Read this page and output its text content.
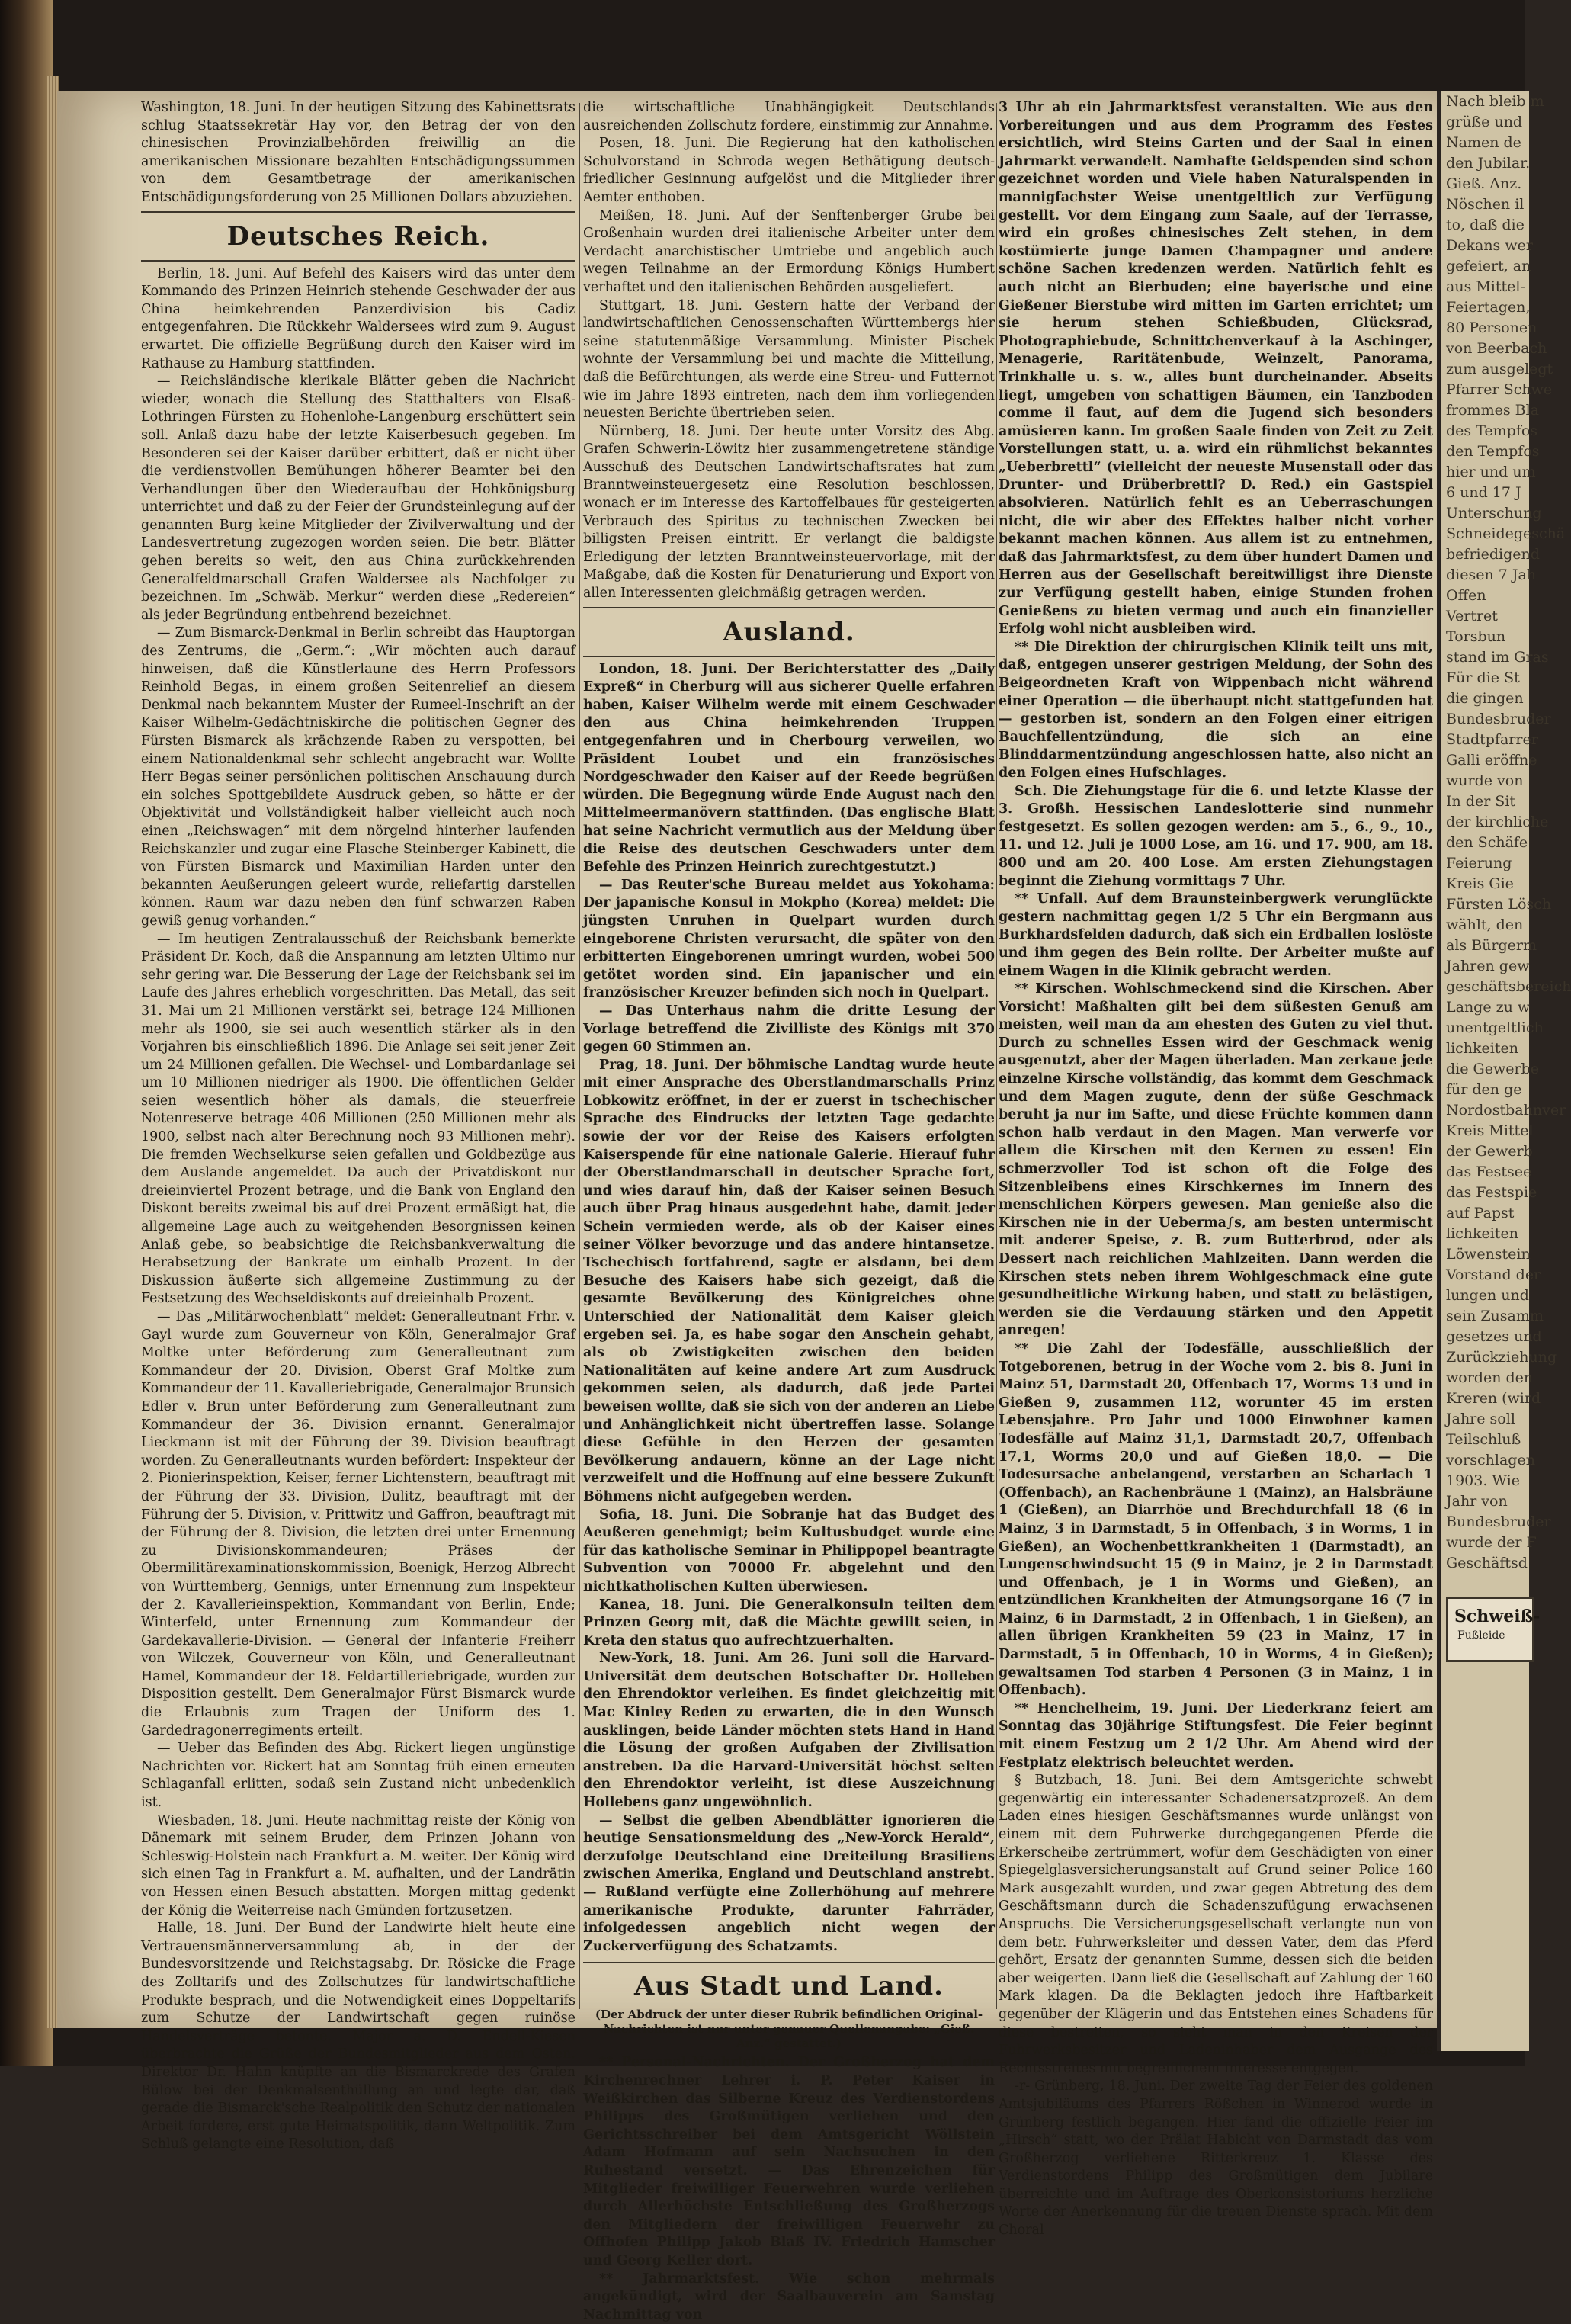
Washington, 18. Juni. In der heutigen Sitzung des Kabinettsrats schlug Staatssekretär Hay vor, den Betrag der von den chinesischen Provinzialbehörden freiwillig an die amerikanischen Missionare bezahlten Entschädigungssummen von dem Gesamtbetrage der amerikanischen Entschädigungsforderung von 25 Millionen Dollars abzuziehen.

Deutsches Reich.

Berlin, 18. Juni. Auf Befehl des Kaisers wird das unter dem Kommando des Prinzen Heinrich stehende Geschwader der aus China heimkehrenden Panzerdivision bis Cadiz entgegenfahren. Die Rückkehr Waldersees wird zum 9. August erwartet. Die offizielle Begrüßung durch den Kaiser wird im Rathause zu Hamburg stattfinden.

— Reichsländische klerikale Blätter geben die Nachricht wieder, wonach die Stellung des Statthalters von Elsaß-Lothringen Fürsten zu Hohenlohe-Langenburg erschüttert sein soll. Anlaß dazu habe der letzte Kaiserbesuch gegeben. Im Besonderen sei der Kaiser darüber erbittert, daß er nicht über die verdienstvollen Bemühungen höherer Beamter bei den Verhandlungen über den Wiederaufbau der Hohkönigsburg unterrichtet und daß zu der Feier der Grundsteinlegung auf der genannten Burg keine Mitglieder der Zivilverwaltung und der Landesvertretung zugezogen worden seien. Die betr. Blätter gehen bereits so weit, den aus China zurückkehrenden Generalfeldmarschall Grafen Waldersee als Nachfolger zu bezeichnen. Im „Schwäb. Merkur“ werden diese „Redereien“ als jeder Begründung entbehrend bezeichnet.

— Zum Bismarck-Denkmal in Berlin schreibt das Hauptorgan des Zentrums, die „Germ.“: „Wir möchten auch darauf hinweisen, daß die Künstlerlaune des Herrn Professors Reinhold Begas, in einem großen Seitenrelief an diesem Denkmal nach bekanntem Muster der Rumeel-Inschrift an der Kaiser Wilhelm-Gedächtniskirche die politischen Gegner des Fürsten Bismarck als krächzende Raben zu verspotten, bei einem Nationaldenkmal sehr schlecht angebracht war. Wollte Herr Begas seiner persönlichen politischen Anschauung durch ein solches Spottgebildete Ausdruck geben, so hätte er der Objektivität und Vollständigkeit halber vielleicht auch noch einen „Reichswagen“ mit dem nörgelnd hinterher laufenden Reichskanzler und zugar eine Flasche Steinberger Kabinett, die von Fürsten Bismarck und Maximilian Harden unter den bekannten Aeußerungen geleert wurde, reliefartig darstellen können. Raum war dazu neben den fünf schwarzen Raben gewiß genug vorhanden.“

— Im heutigen Zentralausschuß der Reichsbank bemerkte Präsident Dr. Koch, daß die Anspannung am letzten Ultimo nur sehr gering war. Die Besserung der Lage der Reichsbank sei im Laufe des Jahres erheblich vorgeschritten. Das Metall, das seit 31. Mai um 21 Millionen verstärkt sei, betrage 124 Millionen mehr als 1900, sie sei auch wesentlich stärker als in den Vorjahren bis einschließlich 1896. Die Anlage sei seit jener Zeit um 24 Millionen gefallen. Die Wechsel- und Lombardanlage sei um 10 Millionen niedriger als 1900. Die öffentlichen Gelder seien wesentlich höher als damals, die steuerfreie Notenreserve betrage 406 Millionen (250 Millionen mehr als 1900, selbst nach alter Berechnung noch 93 Millionen mehr). Die fremden Wechselkurse seien gefallen und Goldbezüge aus dem Auslande angemeldet. Da auch der Privatdiskont nur dreieinviertel Prozent betrage, und die Bank von England den Diskont bereits zweimal bis auf drei Prozent ermäßigt hat, die allgemeine Lage auch zu weitgehenden Besorgnissen keinen Anlaß gebe, so beabsichtige die Reichsbankverwaltung die Herabsetzung der Bankrate um einhalb Prozent. In der Diskussion äußerte sich allgemeine Zustimmung zu der Festsetzung des Wechseldiskonts auf dreieinhalb Prozent.

— Das „Militärwochenblatt“ meldet: Generalleutnant Frhr. v. Gayl wurde zum Gouverneur von Köln, Generalmajor Graf Moltke unter Beförderung zum Generalleutnant zum Kommandeur der 20. Division, Oberst Graf Moltke zum Kommandeur der 11. Kavalleriebrigade, Generalmajor Brunsich Edler v. Brun unter Beförderung zum Generalleutnant zum Kommandeur der 36. Division ernannt. Generalmajor Lieckmann ist mit der Führung der 39. Division beauftragt worden. Zu Generalleutnants wurden befördert: Inspekteur der 2. Pionierinspektion, Keiser, ferner Lichtenstern, beauftragt mit der Führung der 33. Division, Dulitz, beauftragt mit der Führung der 5. Division, v. Prittwitz und Gaffron, beauftragt mit der Führung der 8. Division, die letzten drei unter Ernennung zu Divisionskommandeuren; Präses der Obermilitärexaminationskommission, Boenigk, Herzog Albrecht von Württemberg, Gennigs, unter Ernennung zum Inspekteur der 2. Kavallerieinspektion, Kommandant von Berlin, Ende; Winterfeld, unter Ernennung zum Kommandeur der Gardekavallerie-Division. — General der Infanterie Freiherr von Wilczek, Gouverneur von Köln, und Generalleutnant Hamel, Kommandeur der 18. Feldartilleriebrigade, wurden zur Disposition gestellt. Dem Generalmajor Fürst Bismarck wurde die Erlaubnis zum Tragen der Uniform des 1. Gardedragonerregiments erteilt.

— Ueber das Befinden des Abg. Rickert liegen ungünstige Nachrichten vor. Rickert hat am Sonntag früh einen erneuten Schlaganfall erlitten, sodaß sein Zustand nicht unbedenklich ist.

Wiesbaden, 18. Juni. Heute nachmittag reiste der König von Dänemark mit seinem Bruder, dem Prinzen Johann von Schleswig-Holstein nach Frankfurt a. M. weiter. Der König wird sich einen Tag in Frankfurt a. M. aufhalten, und der Landrätin von Hessen einen Besuch abstatten. Morgen mittag gedenkt der König die Weiterreise nach Gmünden fortzusetzen.

Halle, 18. Juni. Der Bund der Landwirte hielt heute eine Vertrauensmännerversammlung ab, in der der Bundesvorsitzende und Reichstagsabg. Dr. Rösicke die Frage des Zolltarifs und des Zollschutzes für landwirtschaftliche Produkte besprach, und die Notwendigkeit eines Doppeltarifs zum Schutze der Landwirtschaft gegen ruinöse Handelsverträge betonte. Major a. D. Endell-Kiesen überbrachte die Grüße der Bundesmitglieder aus dem Osten. Direktor Dr. Hahn knüpfte an die Bismarckrede des Grafen Bülow bei der Denkmalsenthüllung an und legte dar, daß gerade die Bismarck'sche Realpolitik den Schutz der nationalen Arbeit fordere, erst gute Heimatspolitik, dann Weltpolitik. Zum Schluß gelangte eine Resolution, daß

die wirtschaftliche Unabhängigkeit Deutschlands ausreichenden Zollschutz fordere, einstimmig zur Annahme.

Posen, 18. Juni. Die Regierung hat den katholischen Schulvorstand in Schroda wegen Bethätigung deutsch-friedlicher Gesinnung aufgelöst und die Mitglieder ihrer Aemter enthoben.

Meißen, 18. Juni. Auf der Senftenberger Grube bei Großenhain wurden drei italienische Arbeiter unter dem Verdacht anarchistischer Umtriebe und angeblich auch wegen Teilnahme an der Ermordung Königs Humbert verhaftet und den italienischen Behörden ausgeliefert.

Stuttgart, 18. Juni. Gestern hatte der Verband der landwirtschaftlichen Genossenschaften Württembergs hier seine statutenmäßige Versammlung. Minister Pischek wohnte der Versammlung bei und machte die Mitteilung, daß die Befürchtungen, als werde eine Streu- und Futternot wie im Jahre 1893 eintreten, nach dem ihm vorliegenden neuesten Berichte übertrieben seien.

Nürnberg, 18. Juni. Der heute unter Vorsitz des Abg. Grafen Schwerin-Löwitz hier zusammengetretene ständige Ausschuß des Deutschen Landwirtschaftsrates hat zum Branntweinsteuergesetz eine Resolution beschlossen, wonach er im Interesse des Kartoffelbaues für gesteigerten Verbrauch des Spiritus zu technischen Zwecken bei billigsten Preisen eintritt. Er verlangt die baldigste Erledigung der letzten Branntweinsteuervorlage, mit der Maßgabe, daß die Kosten für Denaturierung und Export von allen Interessenten gleichmäßig getragen werden.

Ausland.

London, 18. Juni. Der Berichterstatter des „Daily Expreß“ in Cherburg will aus sicherer Quelle erfahren haben, Kaiser Wilhelm werde mit einem Geschwader den aus China heimkehrenden Truppen entgegenfahren und in Cherbourg verweilen, wo Präsident Loubet und ein französisches Nordgeschwader den Kaiser auf der Reede begrüßen würden. Die Begegnung würde Ende August nach den Mittelmeermanövern stattfinden. (Das englische Blatt hat seine Nachricht vermutlich aus der Meldung über die Reise des deutschen Geschwaders unter dem Befehle des Prinzen Heinrich zurechtgestutzt.)

— Das Reuter'sche Bureau meldet aus Yokohama: Der japanische Konsul in Mokpho (Korea) meldet: Die jüngsten Unruhen in Quelpart wurden durch eingeborene Christen verursacht, die später von den erbitterten Eingeborenen umringt wurden, wobei 500 getötet worden sind. Ein japanischer und ein französischer Kreuzer befinden sich noch in Quelpart.

— Das Unterhaus nahm die dritte Lesung der Vorlage betreffend die Zivilliste des Königs mit 370 gegen 60 Stimmen an.

Prag, 18. Juni. Der böhmische Landtag wurde heute mit einer Ansprache des Oberstlandmarschalls Prinz Lobkowitz eröffnet, in der er zuerst in tschechischer Sprache des Eindrucks der letzten Tage gedachte sowie der vor der Reise des Kaisers erfolgten Kaiserspende für eine nationale Galerie. Hierauf fuhr der Oberstlandmarschall in deutscher Sprache fort, und wies darauf hin, daß der Kaiser seinen Besuch auch über Prag hinaus ausgedehnt habe, damit jeder Schein vermieden werde, als ob der Kaiser eines seiner Völker bevorzuge und das andere hintansetze. Tschechisch fortfahrend, sagte er alsdann, bei dem Besuche des Kaisers habe sich gezeigt, daß die gesamte Bevölkerung des Königreiches ohne Unterschied der Nationalität dem Kaiser gleich ergeben sei. Ja, es habe sogar den Anschein gehabt, als ob Zwistigkeiten zwischen den beiden Nationalitäten auf keine andere Art zum Ausdruck gekommen seien, als dadurch, daß jede Partei beweisen wollte, daß sie sich von der anderen an Liebe und Anhänglichkeit nicht übertreffen lasse. Solange diese Gefühle in den Herzen der gesamten Bevölkerung andauern, könne an der Lage nicht verzweifelt und die Hoffnung auf eine bessere Zukunft Böhmens nicht aufgegeben werden.

Sofia, 18. Juni. Die Sobranje hat das Budget des Aeußeren genehmigt; beim Kultusbudget wurde eine für das katholische Seminar in Philippopel beantragte Subvention von 70000 Fr. abgelehnt und den nichtkatholischen Kulten überwiesen.

Kanea, 18. Juni. Die Generalkonsuln teilten dem Prinzen Georg mit, daß die Mächte gewillt seien, in Kreta den status quo aufrechtzuerhalten.

New-York, 18. Juni. Am 26. Juni soll die Harvard-Universität dem deutschen Botschafter Dr. Holleben den Ehrendoktor verleihen. Es findet gleichzeitig mit Mac Kinley Reden zu erwarten, die in den Wunsch ausklingen, beide Länder möchten stets Hand in Hand die Lösung der großen Aufgaben der Zivilisation anstreben. Da die Harvard-Universität höchst selten den Ehrendoktor verleiht, ist diese Auszeichnung Hollebens ganz ungewöhnlich.

— Selbst die gelben Abendblätter ignorieren die heutige Sensationsmeldung des „New-Yorck Herald“, derzufolge Deutschland eine Dreiteilung Brasiliens zwischen Amerika, England und Deutschland anstrebt. — Rußland verfügte eine Zollerhöhung auf mehrere amerikanische Produkte, darunter Fahrräder, infolgedessen angeblich nicht wegen der Zuckerverfügung des Schatzamts.

Aus Stadt und Land.
(Der Abdruck der unter dieser Rubrik befindlichen Original-Nachrichten ist nur unter genauer Quellenangabe: „Gieß. Anz.“ gestattet.)

** Personal-Nachrichten. Der Großherzog hat dem Kirchenrechner Lehrer i. P. Peter Kaiser in Weißkirchen das Silberne Kreuz des Verdienstordens Philipps des Großmütigen verliehen und den Gerichtsschreiber bei dem Amtsgericht Wöllstein Adam Hofmann auf sein Nachsuchen in den Ruhestand versetzt. — Das Ehrenzeichen für Mitglieder freiwilliger Feuerwehren wurde verliehen durch Allerhöchste Entschließung des Großherzogs den Mitgliedern der freiwilligen Feuerwehr zu Offhofen Philipp Jakob Blaß IV. Friedrich Hamscher und Georg Keller dort.

** Jahrmarktsfest. Wie schon mehrmals angekündigt, wird der Saalbauverein am Samstag Nachmittag von

3 Uhr ab ein Jahrmarktsfest veranstalten. Wie aus den Vorbereitungen und aus dem Programm des Festes ersichtlich, wird Steins Garten und der Saal in einen Jahrmarkt verwandelt. Namhafte Geldspenden sind schon gezeichnet worden und Viele haben Naturalspenden in mannigfachster Weise unentgeltlich zur Verfügung gestellt. Vor dem Eingang zum Saale, auf der Terrasse, wird ein großes chinesisches Zelt stehen, in dem kostümierte junge Damen Champagner und andere schöne Sachen kredenzen werden. Natürlich fehlt es auch nicht an Bierbuden; eine bayerische und eine Gießener Bierstube wird mitten im Garten errichtet; um sie herum stehen Schießbuden, Glücksrad, Photographiebude, Schnittchenverkauf à la Aschinger, Menagerie, Raritätenbude, Weinzelt, Panorama, Trinkhalle u. s. w., alles bunt durcheinander. Abseits liegt, umgeben von schattigen Bäumen, ein Tanzboden comme il faut, auf dem die Jugend sich besonders amüsieren kann. Im großen Saale finden von Zeit zu Zeit Vorstellungen statt, u. a. wird ein rühmlichst bekanntes „Ueberbrettl“ (vielleicht der neueste Musenstall oder das Drunter- und Drüberbrettl? D. Red.) ein Gastspiel absolvieren. Natürlich fehlt es an Ueberraschungen nicht, die wir aber des Effektes halber nicht vorher bekannt machen können. Aus allem ist zu entnehmen, daß das Jahrmarktsfest, zu dem über hundert Damen und Herren aus der Gesellschaft bereitwilligst ihre Dienste zur Verfügung gestellt haben, einige Stunden frohen Genießens zu bieten vermag und auch ein finanzieller Erfolg wohl nicht ausbleiben wird.

** Die Direktion der chirurgischen Klinik teilt uns mit, daß, entgegen unserer gestrigen Meldung, der Sohn des Beigeordneten Kraft von Wippenbach nicht während einer Operation — die überhaupt nicht stattgefunden hat — gestorben ist, sondern an den Folgen einer eitrigen Bauchfellentzündung, die sich an eine Blinddarmentzündung angeschlossen hatte, also nicht an den Folgen eines Hufschlages.

Sch. Die Ziehungstage für die 6. und letzte Klasse der 3. Großh. Hessischen Landeslotterie sind nunmehr festgesetzt. Es sollen gezogen werden: am 5., 6., 9., 10., 11. und 12. Juli je 1000 Lose, am 16. und 17. 900, am 18. 800 und am 20. 400 Lose. Am ersten Ziehungstagen beginnt die Ziehung vormittags 7 Uhr.

** Unfall. Auf dem Braunsteinbergwerk verunglückte gestern nachmittag gegen 1/2 5 Uhr ein Bergmann aus Burkhardsfelden dadurch, daß sich ein Erdballen loslöste und ihm gegen des Bein rollte. Der Arbeiter mußte auf einem Wagen in die Klinik gebracht werden.

** Kirschen. Wohlschmeckend sind die Kirschen. Aber Vorsicht! Maßhalten gilt bei dem süßesten Genuß am meisten, weil man da am ehesten des Guten zu viel thut. Durch zu schnelles Essen wird der Geschmack wenig ausgenutzt, aber der Magen überladen. Man zerkaue jede einzelne Kirsche vollständig, das kommt dem Geschmack und dem Magen zugute, denn der süße Geschmack beruht ja nur im Safte, und diese Früchte kommen dann schon halb verdaut in den Magen. Man verwerfe vor allem die Kirschen mit den Kernen zu essen! Ein schmerzvoller Tod ist schon oft die Folge des Sitzenbleibens eines Kirschkernes im Innern des menschlichen Körpers gewesen. Man genieße also die Kirschen nie in der Ueberma∫s, am besten untermischt mit anderer Speise, z. B. zum Butterbrod, oder als Dessert nach reichlichen Mahlzeiten. Dann werden die Kirschen stets neben ihrem Wohlgeschmack eine gute gesundheitliche Wirkung haben, und statt zu belästigen, werden sie die Verdauung stärken und den Appetit anregen!

** Die Zahl der Todesfälle, ausschließlich der Totgeborenen, betrug in der Woche vom 2. bis 8. Juni in Mainz 51, Darmstadt 20, Offenbach 17, Worms 13 und in Gießen 9, zusammen 112, worunter 45 im ersten Lebensjahre. Pro Jahr und 1000 Einwohner kamen Todesfälle auf Mainz 31,1, Darmstadt 20,7, Offenbach 17,1, Worms 20,0 und auf Gießen 18,0. — Die Todesursache anbelangend, verstarben an Scharlach 1 (Offenbach), an Rachenbräune 1 (Mainz), an Halsbräune 1 (Gießen), an Diarrhöe und Brechdurchfall 18 (6 in Mainz, 3 in Darmstadt, 5 in Offenbach, 3 in Worms, 1 in Gießen), an Wochenbettkrankheiten 1 (Darmstadt), an Lungenschwindsucht 15 (9 in Mainz, je 2 in Darmstadt und Offenbach, je 1 in Worms und Gießen), an entzündlichen Krankheiten der Atmungsorgane 16 (7 in Mainz, 6 in Darmstadt, 2 in Offenbach, 1 in Gießen), an allen übrigen Krankheiten 59 (23 in Mainz, 17 in Darmstadt, 5 in Offenbach, 10 in Worms, 4 in Gießen); gewaltsamen Tod starben 4 Personen (3 in Mainz, 1 in Offenbach).

** Henchelheim, 19. Juni. Der Liederkranz feiert am Sonntag das 30jährige Stiftungsfest. Die Feier beginnt mit einem Festzug um 2 1/2 Uhr. Am Abend wird der Festplatz elektrisch beleuchtet werden.

§ Butzbach, 18. Juni. Bei dem Amtsgerichte schwebt gegenwärtig ein interessanter Schadenersatzprozeß. An dem Laden eines hiesigen Geschäftsmannes wurde unlängst von einem mit dem Fuhrwerke durchgegangenen Pferde die Erkerscheibe zertrümmert, wofür dem Geschädigten von einer Spiegelglasversicherungsanstalt auf Grund seiner Police 160 Mark ausgezahlt wurden, und zwar gegen Abtretung des dem Geschäftsmann durch die Schadenszufügung erwachsenen Anspruchs. Die Versicherungsgesellschaft verlangte nun von dem betr. Fuhrwerksleiter und dessen Vater, dem das Pferd gehört, Ersatz der genannten Summe, dessen sich die beiden aber weigerten. Dann ließ die Gesellschaft auf Zahlung der 160 Mark klagen. Da die Beklagten jedoch ihre Haftbarkeit gegenüber der Klägerin und das Entstehen eines Schadens für diese bestreiten, so sieht man in den Kreisen der Fuhrwerksbesitzer und Ladeninhaber dem Ausgange des Rechtsstreites mit begreiflichem Interesse entgegen.

-r- Grünberg, 18. Juni. Der zweite Tag der Feier des goldenen Amtsjubiläums des Pfarrers Rößchen in Winnerod wurde in Grünberg festlich begangen. Hier fand die offizielle Feier im „Hirsch“ statt, wo der Prälat Habicht von Darmstadt das vom Großherzog verliehene Ritterkreuz 1. Klasse des Verdienstordens Philipp des Großmütigen dem Jubilare überreichte und im Auftrage des Oberkonsistoriums herzliche Worte der Anerkennung für die treuen Dienste sprach. Mit dem Choral

Nach bleib m
grüße und
Namen de
den Jubilar.
Gieß. Anz.
Nöschen il
to, daß die
Dekans wer
gefeiert, an
aus Mittel-
Feiertagen,
80 Personen
von Beerbach
zum ausgelegt
Pfarrer Schwe
frommes Bla
des Tempfos
den Tempfos
hier und um
6 und 17 J
Unterschung
Schneidegeschä
befriedigend
diesen 7 Jah
Offen
Vertret
Torsbun
stand im Gras
Für die St
die gingen
Bundesbruder
Stadtpfarrer
Galli eröffne
wurde von
In der Sit
der kirchliche
den Schäfe
Feierung
Kreis Gie
Fürsten Lösch
wählt, den
als Bürgerm
Jahren gew
geschäftsbereich
Lange zu w
unentgeltlich
lichkeiten
die Gewerbe
für den ge
Nordostbahnver
Kreis Mittel
der Gewerb
das Festsee
das Festspie
auf Papst
lichkeiten
Löwenstein
Vorstand der
lungen und
sein Zusamm
gesetzes und
Zurückziehung
worden den
Kreren (wird
Jahre soll
Teilschluß
vorschlagen
1903. Wie
Jahr von
Bundesbruder
wurde der F
Geschäftsd
Schweiß-
Fußleide
